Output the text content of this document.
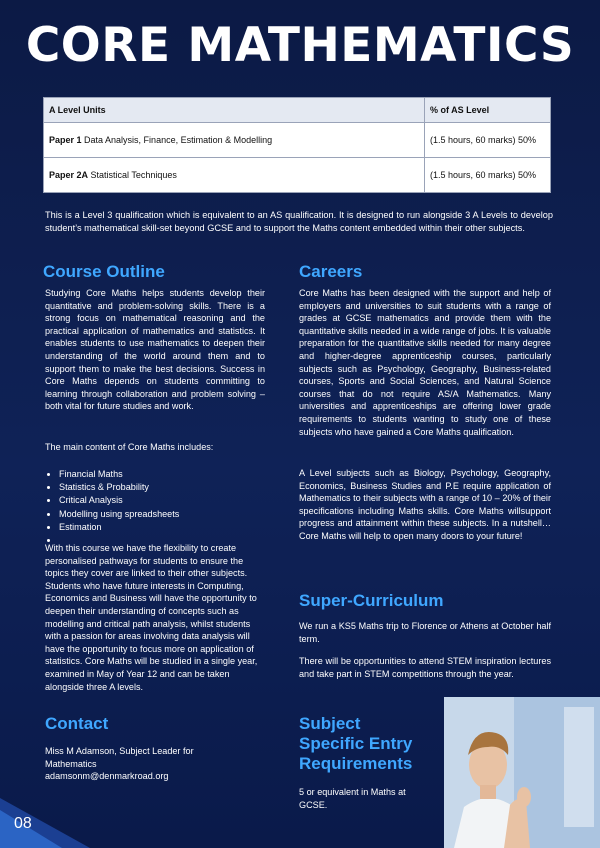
CORE MATHEMATICS
A Level Units	% of AS Level
Paper 1 Data Analysis, Finance, Estimation & Modelling	(1.5 hours, 60 marks) 50%
Paper 2A Statistical Techniques	(1.5 hours, 60 marks) 50%
This is a Level 3 qualification which is equivalent to an AS qualification. It is designed to run alongside 3 A Levels to develop student’s mathematical skill-set beyond GCSE and to support the Maths content embedded within their other subjects.
Course Outline
Studying Core Maths helps students develop their quantitative and problem-solving skills. There is a strong focus on mathematical reasoning and the practical application of mathematics and statistics. It enables students to use mathematics to deepen their understanding of the world around them and to support them to make the best decisions. Success in Core Maths depends on students committing to learning through collaboration and problem solving – both vital for future studies and work.
The main content of Core Maths includes:
• Financial Maths
• Statistics & Probability
• Critical Analysis
• Modelling using spreadsheets
• Estimation
•
With this course we have the flexibility to create personalised pathways for students to ensure the topics they cover are linked to their other subjects. Students who have future interests in Computing, Economics and Business will have the opportunity to deepen their understanding of concepts such as modelling and critical path analysis, whilst students with a passion for areas involving data analysis will have the opportunity to focus more on application of statistics. Core Maths will be studied in a single year, examined in May of Year 12 and can be taken alongside three A levels.
Careers
Core Maths has been designed with the support and help of employers and universities to suit students with a range of grades at GCSE mathematics and provide them with the quantitative skills needed in a wide range of jobs. It is valuable preparation for the quantitative skills needed for many degree and higher-degree apprenticeship courses, particularly subjects such as Psychology, Geography, Business-related courses, Sports and Social Sciences, and Natural Science courses that do not require AS/A Mathematics. Many universities and apprenticeships are offering lower grade requirements to students wanting to study one of these subjects who have gained a Core Maths qualification.
A Level subjects such as Biology, Psychology, Geography, Economics, Business Studies and P.E require application of Mathematics to their subjects with a range of 10 – 20% of their specifications including Maths skills. Core Maths willsupport progress and attainment within these subjects. In a nutshell…Core Maths will help to open many doors to your future!
Super-Curriculum
We run a KS5 Maths trip to Florence or Athens at October half term.
There will be opportunities to attend STEM inspiration lectures and take part in STEM competitions through the year.
Contact
Miss M Adamson, Subject Leader for
Mathematics
adamsonm@denmarkroad.org
Subject
Specific Entry
Requirements
5 or equivalent in Maths at GCSE.
08
